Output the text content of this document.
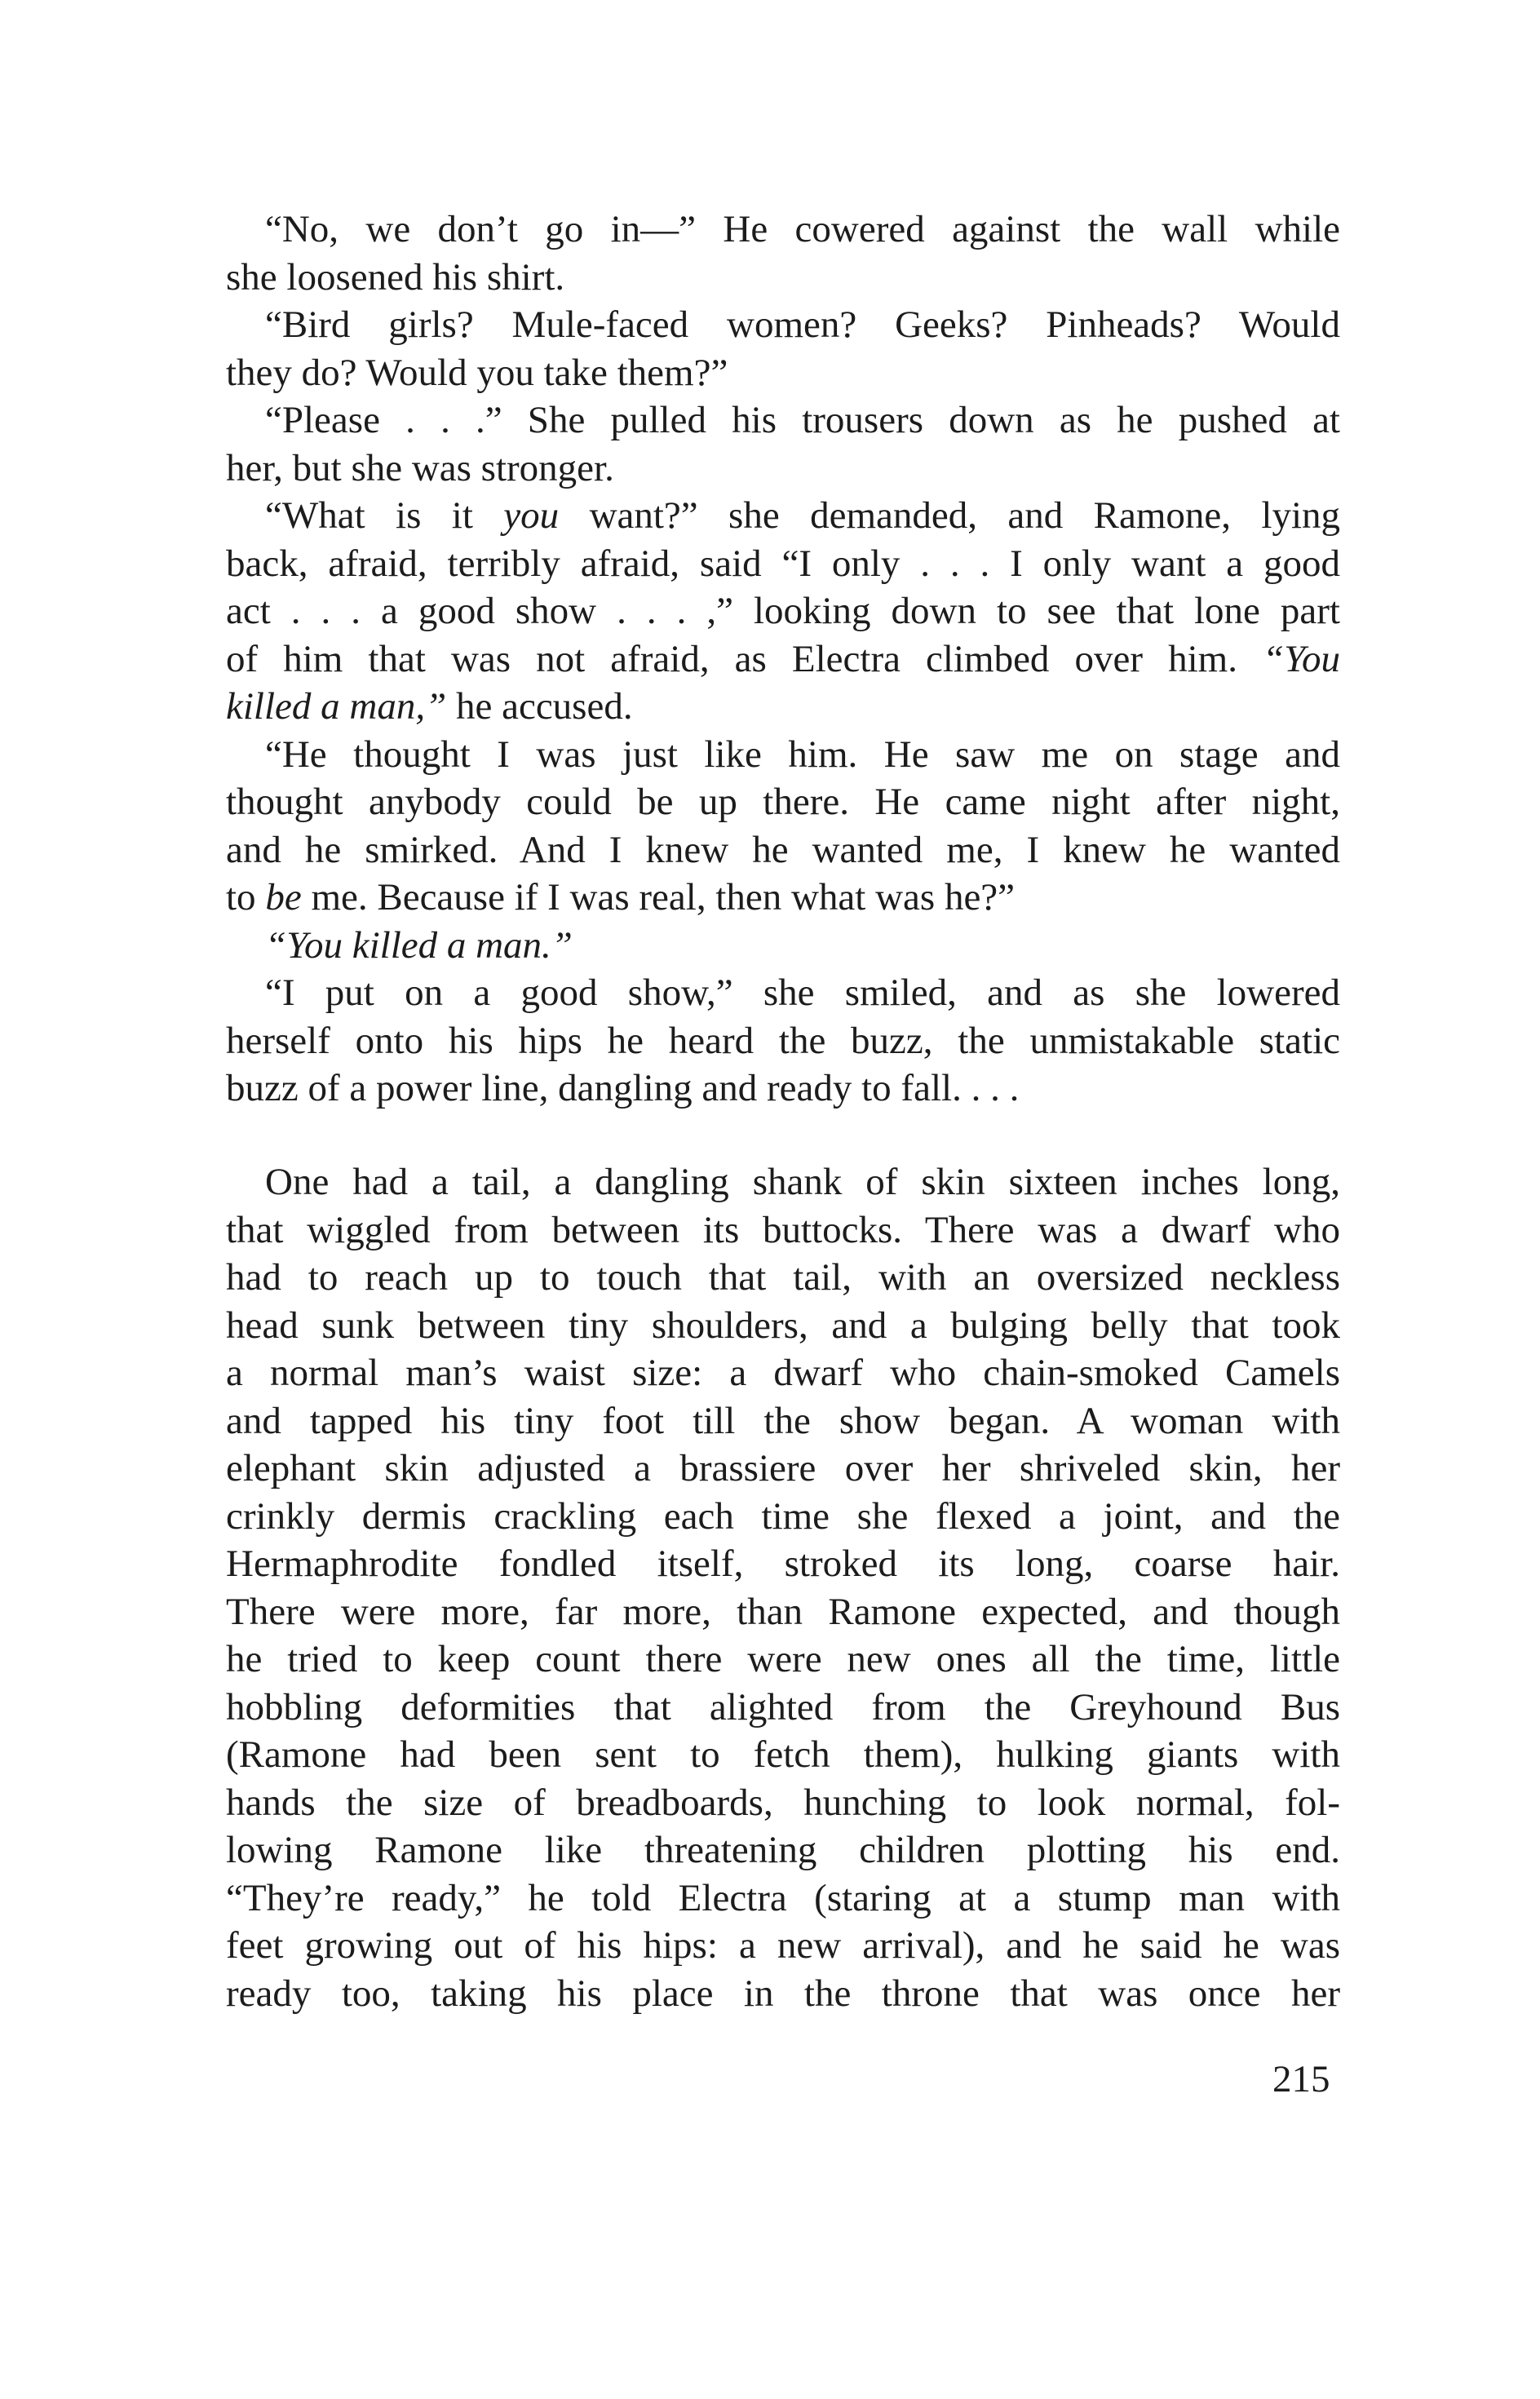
“No, we don’t go in—” He cowered against the wall while
she loosened his shirt.
“Bird girls? Mule-faced women? Geeks? Pinheads? Would
they do? Would you take them?”
“Please . . .” She pulled his trousers down as he pushed at
her, but she was stronger.
“What is it you want?” she demanded, and Ramone, lying
back, afraid, terribly afraid, said “I only . . . I only want a good
act . . . a good show . . . ,” looking down to see that lone part
of him that was not afraid, as Electra climbed over him. “You
killed a man,” he accused.
“He thought I was just like him. He saw me on stage and
thought anybody could be up there. He came night after night,
and he smirked. And I knew he wanted me, I knew he wanted
to be me. Because if I was real, then what was he?”
“You killed a man.”
“I put on a good show,” she smiled, and as she lowered
herself onto his hips he heard the buzz, the unmistakable static
buzz of a power line, dangling and ready to fall. . . .
One had a tail, a dangling shank of skin sixteen inches long,
that wiggled from between its buttocks. There was a dwarf who
had to reach up to touch that tail, with an oversized neckless
head sunk between tiny shoulders, and a bulging belly that took
a normal man’s waist size: a dwarf who chain-smoked Camels
and tapped his tiny foot till the show began. A woman with
elephant skin adjusted a brassiere over her shriveled skin, her
crinkly dermis crackling each time she flexed a joint, and the
Hermaphrodite fondled itself, stroked its long, coarse hair.
There were more, far more, than Ramone expected, and though
he tried to keep count there were new ones all the time, little
hobbling deformities that alighted from the Greyhound Bus
(Ramone had been sent to fetch them), hulking giants with
hands the size of breadboards, hunching to look normal, fol-
lowing Ramone like threatening children plotting his end.
“They’re ready,” he told Electra (staring at a stump man with
feet growing out of his hips: a new arrival), and he said he was
ready too, taking his place in the throne that was once her
215
